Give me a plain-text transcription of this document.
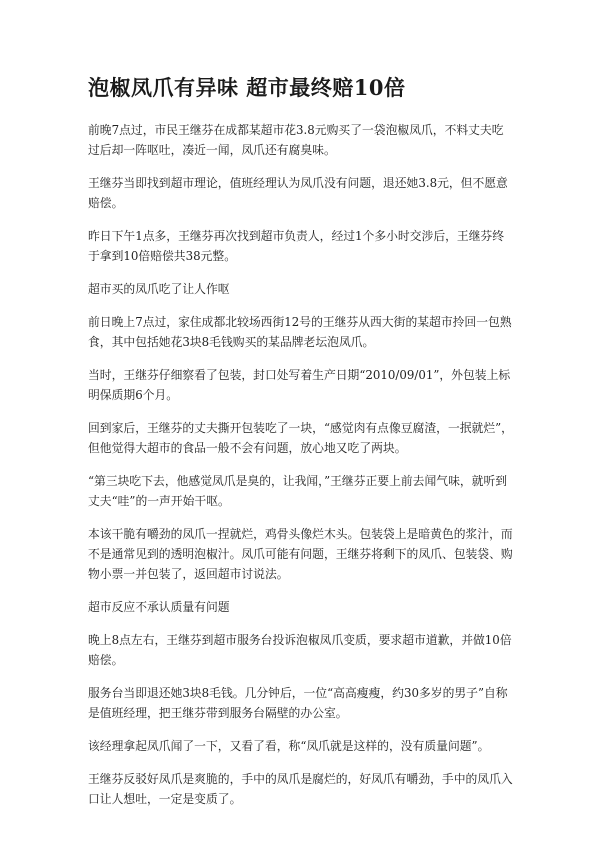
泡椒凤爪有异味 超市最终赔10倍

前晚7点过，市民王继芬在成都某超市花3.8元购买了一袋泡椒凤爪，不料丈夫吃过后却一阵呕吐，凑近一闻，凤爪还有腐臭味。

王继芬当即找到超市理论，值班经理认为凤爪没有问题，退还她3.8元，但不愿意赔偿。

昨日下午1点多，王继芬再次找到超市负责人，经过1个多小时交涉后，王继芬终于拿到10倍赔偿共38元整。

超市买的凤爪吃了让人作呕

前日晚上7点过，家住成都北较场西街12号的王继芬从西大街的某超市拎回一包熟食，其中包括她花3块8毛钱购买的某品牌老坛泡凤爪。

当时，王继芬仔细察看了包装，封口处写着生产日期“2010/09/01”，外包装上标明保质期6个月。

回到家后，王继芬的丈夫撕开包装吃了一块，“感觉肉有点像豆腐渣，一抿就烂”，但他觉得大超市的食品一般不会有问题，放心地又吃了两块。

“第三块吃下去，他感觉凤爪是臭的，让我闻，”王继芬正要上前去闻气味，就听到丈夫“哇”的一声开始干呕。

本该干脆有嚼劲的凤爪一捏就烂，鸡骨头像烂木头。包装袋上是暗黄色的浆汁，而不是通常见到的透明泡椒汁。凤爪可能有问题，王继芬将剩下的凤爪、包装袋、购物小票一并包装了，返回超市讨说法。

超市反应不承认质量有问题

晚上8点左右，王继芬到超市服务台投诉泡椒凤爪变质，要求超市道歉，并做10倍赔偿。

服务台当即退还她3块8毛钱。几分钟后，一位“高高瘦瘦，约30多岁的男子”自称是值班经理，把王继芬带到服务台隔壁的办公室。

该经理拿起凤爪闻了一下，又看了看，称“凤爪就是这样的，没有质量问题”。

王继芬反驳好凤爪是爽脆的，手中的凤爪是腐烂的，好凤爪有嚼劲，手中的凤爪入口让人想吐，一定是变质了。
